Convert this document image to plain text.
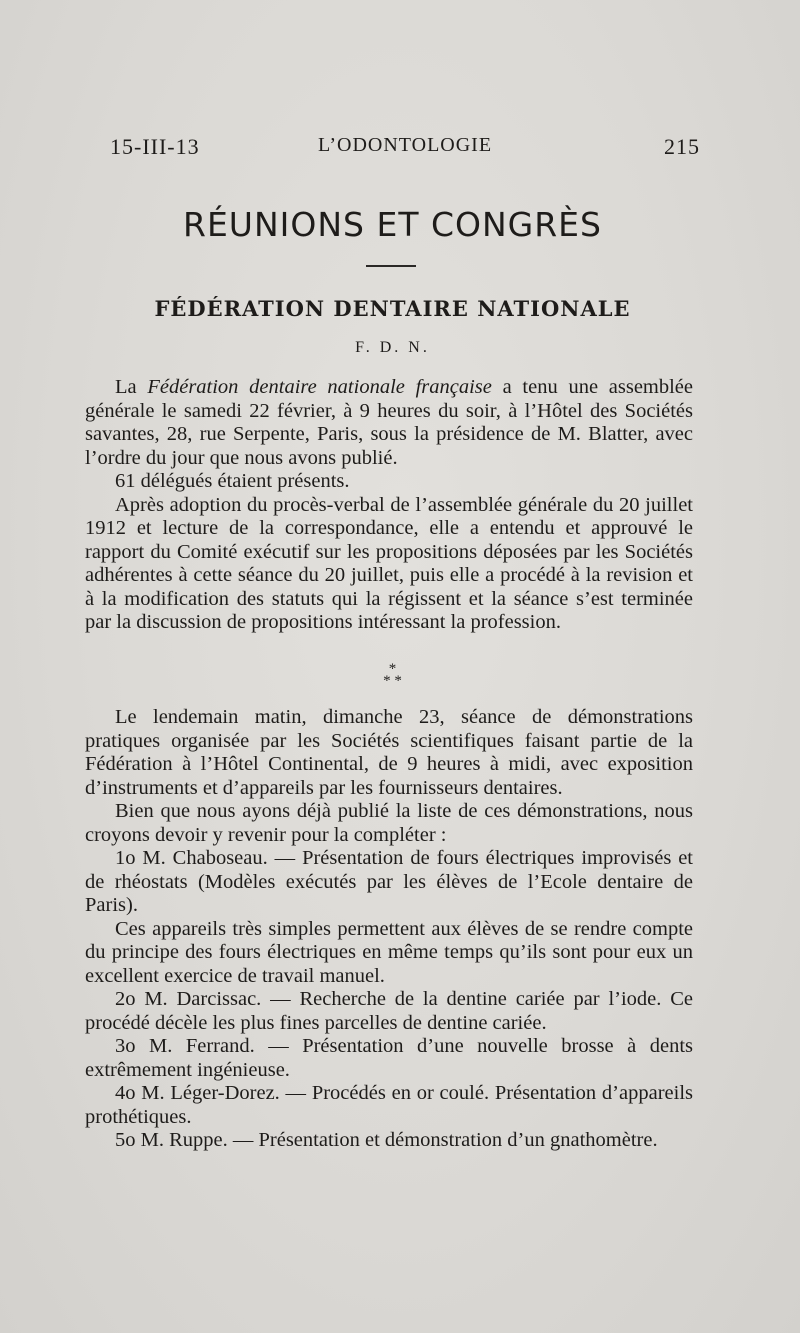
15-III-13	L’ODONTOLOGIE	215
RÉUNIONS ET CONGRÈS
FÉDÉRATION DENTAIRE NATIONALE
F. D. N.

La Fédération dentaire nationale française a tenu une assemblée générale le samedi 22 février, à 9 heures du soir, à l’Hôtel des Sociétés savantes, 28, rue Serpente, Paris, sous la présidence de M. Blatter, avec l’ordre du jour que nous avons publié.

61 délégués étaient présents.

Après adoption du procès-verbal de l’assemblée générale du 20 juillet 1912 et lecture de la correspondance, elle a entendu et approuvé le rapport du Comité exécutif sur les propositions déposées par les Sociétés adhérentes à cette séance du 20 juillet, puis elle a procédé à la revision et à la modification des statuts qui la régissent et la séance s’est terminée par la discussion de propositions intéressant la profession.

*
* *

Le lendemain matin, dimanche 23, séance de démonstrations pratiques organisée par les Sociétés scientifiques faisant partie de la Fédération à l’Hôtel Continental, de 9 heures à midi, avec exposition d’instruments et d’appareils par les fournisseurs dentaires.

Bien que nous ayons déjà publié la liste de ces démonstrations, nous croyons devoir y revenir pour la compléter :

1o M. Chaboseau. — Présentation de fours électriques improvisés et de rhéostats (Modèles exécutés par les élèves de l’Ecole dentaire de Paris).

Ces appareils très simples permettent aux élèves de se rendre compte du principe des fours électriques en même temps qu’ils sont pour eux un excellent exercice de travail manuel.

2o M. Darcissac. — Recherche de la dentine cariée par l’iode. Ce procédé décèle les plus fines parcelles de dentine cariée.

3o M. Ferrand. — Présentation d’une nouvelle brosse à dents extrêmement ingénieuse.

4o M. Léger-Dorez. — Procédés en or coulé. Présentation d’appareils prothétiques.

5o M. Ruppe. — Présentation et démonstration d’un gnathomètre.
